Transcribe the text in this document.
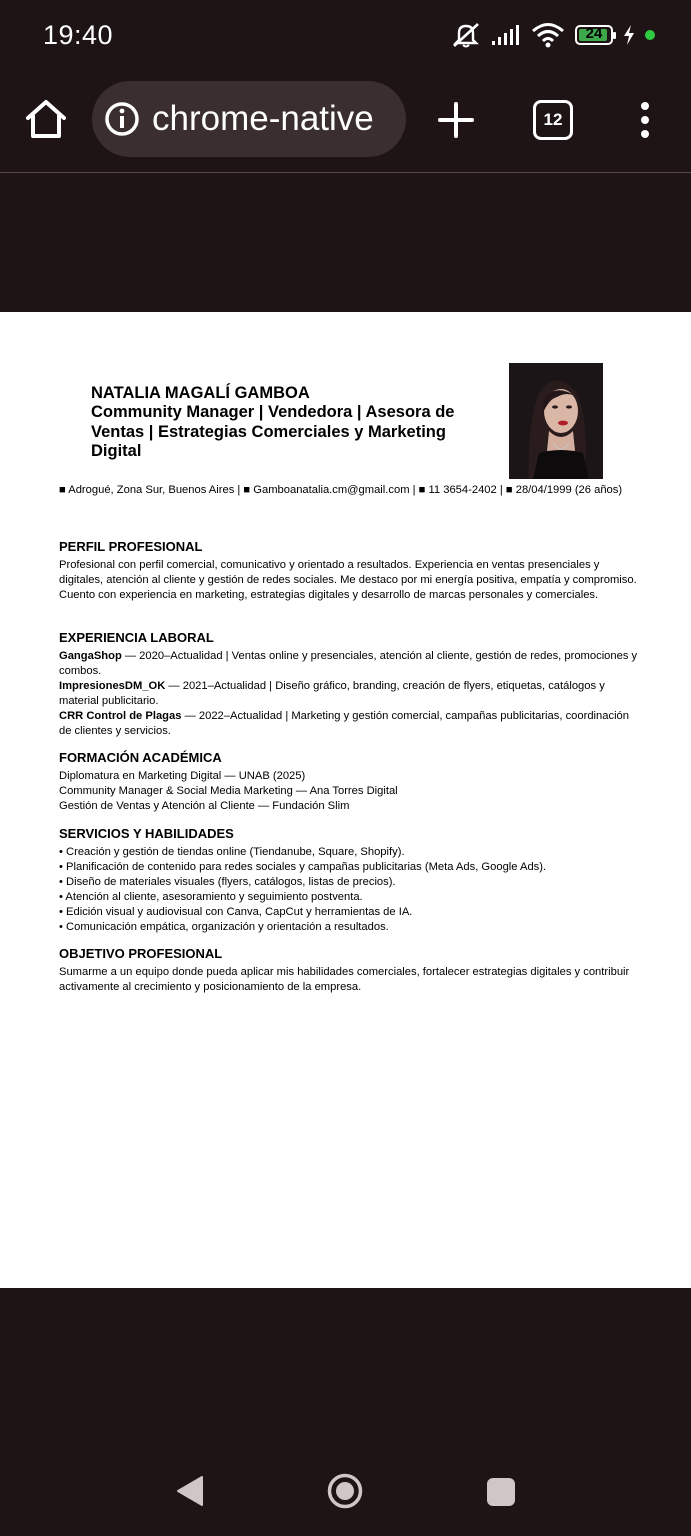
19:40	24
chrome-native	12
NATALIA MAGALÍ GAMBOA
Community Manager | Vendedora | Asesora de Ventas | Estrategias Comerciales y Marketing Digital
■ Adrogué, Zona Sur, Buenos Aires | ■ Gamboanatalia.cm@gmail.com | ■ 11 3654-2402 | ■ 28/04/1999 (26 años)
PERFIL PROFESIONAL
Profesional con perfil comercial, comunicativo y orientado a resultados. Experiencia en ventas presenciales y digitales, atención al cliente y gestión de redes sociales. Me destaco por mi energía positiva, empatía y compromiso. Cuento con experiencia en marketing, estrategias digitales y desarrollo de marcas personales y comerciales.
EXPERIENCIA LABORAL

GangaShop — 2020–Actualidad | Ventas online y presenciales, atención al cliente, gestión de redes, promociones y combos.

ImpresionesDM_OK — 2021–Actualidad | Diseño gráfico, branding, creación de flyers, etiquetas, catálogos y material publicitario.

CRR Control de Plagas — 2022–Actualidad | Marketing y gestión comercial, campañas publicitarias, coordinación de clientes y servicios.

FORMACIÓN ACADÉMICA

Diplomatura en Marketing Digital — UNAB (2025)

Community Manager & Social Media Marketing — Ana Torres Digital

Gestión de Ventas y Atención al Cliente — Fundación Slim

SERVICIOS Y HABILIDADES

• Creación y gestión de tiendas online (Tiendanube, Square, Shopify).

• Planificación de contenido para redes sociales y campañas publicitarias (Meta Ads, Google Ads).

• Diseño de materiales visuales (flyers, catálogos, listas de precios).

• Atención al cliente, asesoramiento y seguimiento postventa.

• Edición visual y audiovisual con Canva, CapCut y herramientas de IA.

• Comunicación empática, organización y orientación a resultados.

OBJETIVO PROFESIONAL
Sumarme a un equipo donde pueda aplicar mis habilidades comerciales, fortalecer estrategias digitales y contribuir activamente al crecimiento y posicionamiento de la empresa.
